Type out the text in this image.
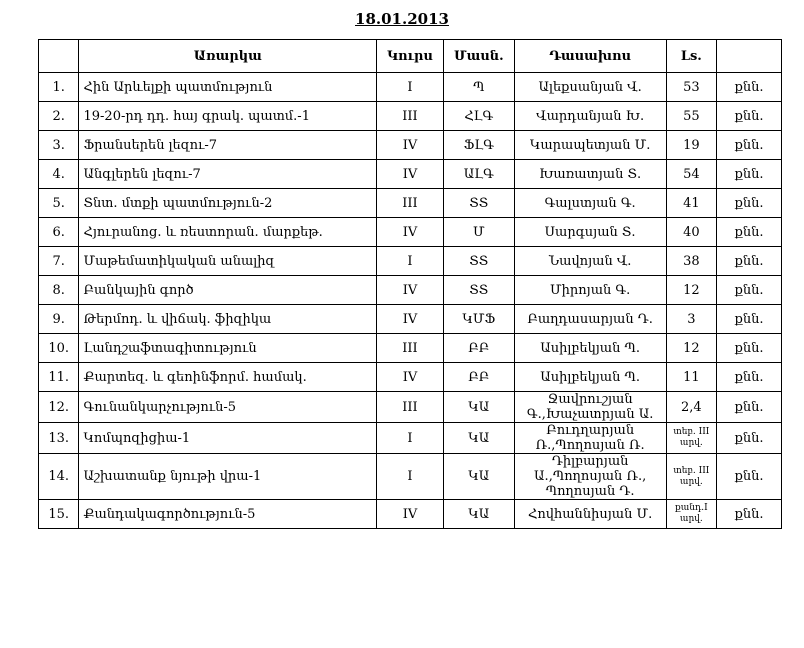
18.01.2013
	Առարկա	Կուրս	Մասն.	Դասախոս	Ls.	
1.	Հին Արևելքի պատմություն	I	Պ	Ալեքսանյան Վ.	53	քնն.
2.	19-20-րդ դդ. հայ գրակ. պատմ.-1	III	ՀԼԳ	Վարդանյան Խ.	55	քնն.
3.	Ֆրանսերեն լեզու-7	IV	ՖԼԳ	Կարապետյան Մ.	19	քնն.
4.	Անգլերեն լեզու-7	IV	ԱԼԳ	Խառատյան Տ.	54	քնն.
5.	Տնտ. մտքի պատմություն-2	III	ՏՏ	Գալստյան Գ.	41	քնն.
6.	Հյուրանոց. և ռեստորան. մարքեթ.	IV	Մ	Սարգսյան Տ.	40	քնն.
7.	Մաթեմատիկական անալիզ	I	ՏՏ	Նավոյան Վ.	38	քնն.
8.	Բանկային գործ	IV	ՏՏ	Միրոյան Գ.	12	քնն.
9.	Թերմոդ. և վիճակ. ֆիզիկա	IV	ԿՄՖ	Բաղդասարյան Դ.	3	քնն.
10.	Լանդշաֆտագիտություն	III	ԲԲ	Ասիլբեկյան Պ.	12	քնն.
11.	Քարտեզ. և գեոինֆորմ. համակ.	IV	ԲԲ	Ասիլբեկյան Պ.	11	քնն.
12.	Գունանկարչություն-5	III	ԿԱ	Ջավրուշյան Գ.,Խաչատրյան Ա.	2,4	քնն.
13.	Կոմպոզիցիա-1	I	ԿԱ	Բուդղարյան Ռ.,Պողոսյան Ռ.	տեբ. III արվ.	քնն.
14.	Աշխատանք նյութի վրա-1	I	ԿԱ	Դիլբարյան Ա.,Պողոսյան Ռ., Պողոսյան Դ.	տեբ. III արվ.	քնն.
15.	Քանդակագործություն-5	IV	ԿԱ	Հովհաննիսյան Մ.	քանդ.I արվ.	քնն.
